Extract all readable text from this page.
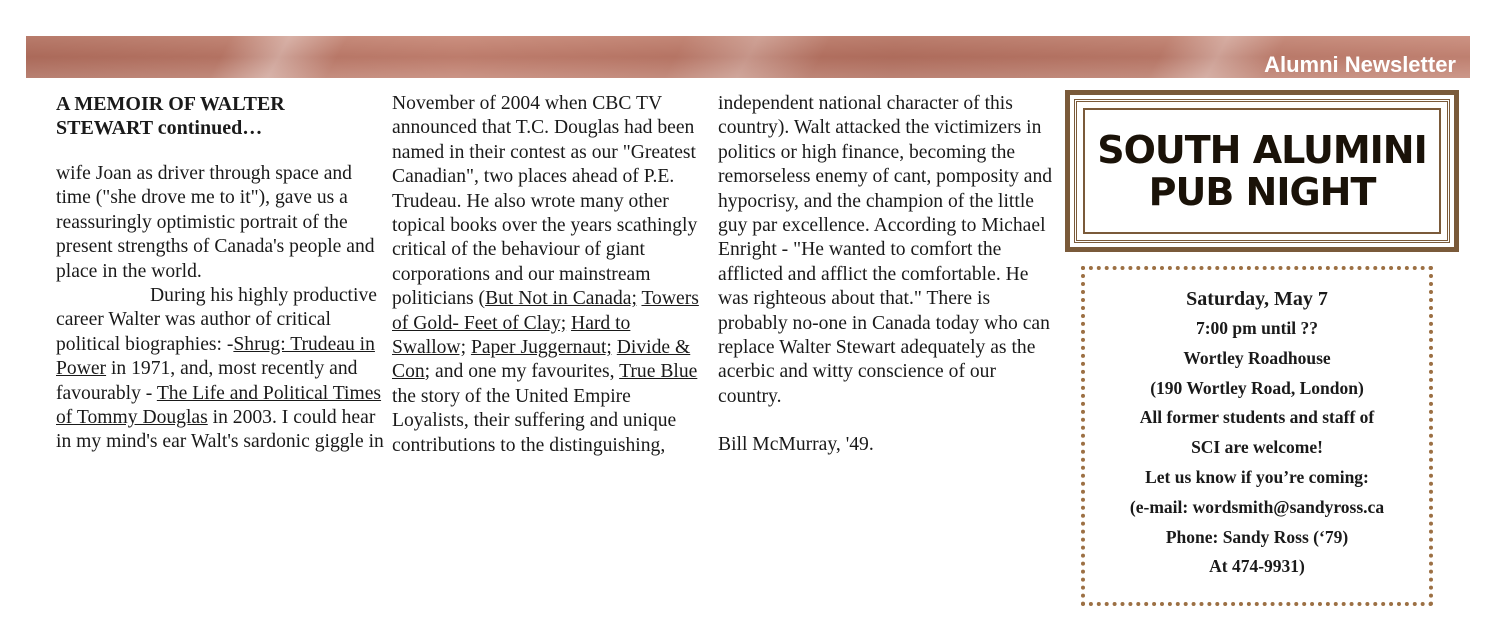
Alumni Newsletter

A MEMOIR OF WALTER STEWART continued…

wife Joan as driver through space and time ("she drove me to it"), gave us a reassuringly optimistic portrait of the present strengths of Canada's people and place in the world.

During his highly productive career Walter was author of critical political biographies: -Shrug: Trudeau in Power in 1971, and, most recently and favourably - The Life and Political Times of Tommy Douglas in 2003. I could hear in my mind's ear Walt's sardonic giggle in

November of 2004 when CBC TV announced that T.C. Douglas had been named in their contest as our "Greatest Canadian", two places ahead of P.E. Trudeau. He also wrote many other topical books over the years scathingly critical of the behaviour of giant corporations and our mainstream politicians (But Not in Canada; Towers of Gold- Feet of Clay; Hard to Swallow; Paper Juggernaut; Divide & Con; and one my favourites, True Blue the story of the United Empire Loyalists, their suffering and unique contributions to the distinguishing,

independent national character of this country). Walt attacked the victimizers in politics or high finance, becoming the remorseless enemy of cant, pomposity and hypocrisy, and the champion of the little guy par excellence. According to Michael Enright - "He wanted to comfort the afflicted and afflict the comfortable. He was righteous about that." There is probably no-one in Canada today who can replace Walter Stewart adequately as the acerbic and witty conscience of our country.

Bill McMurray, '49.

SOUTH ALUMINI
PUB NIGHT

Saturday, May 7

7:00 pm until ??

Wortley Roadhouse

(190 Wortley Road, London)

All former students and staff of

SCI are welcome!

Let us know if you’re coming:

(e-mail: wordsmith@sandyross.ca

Phone: Sandy Ross (‘79)

At 474-9931)
